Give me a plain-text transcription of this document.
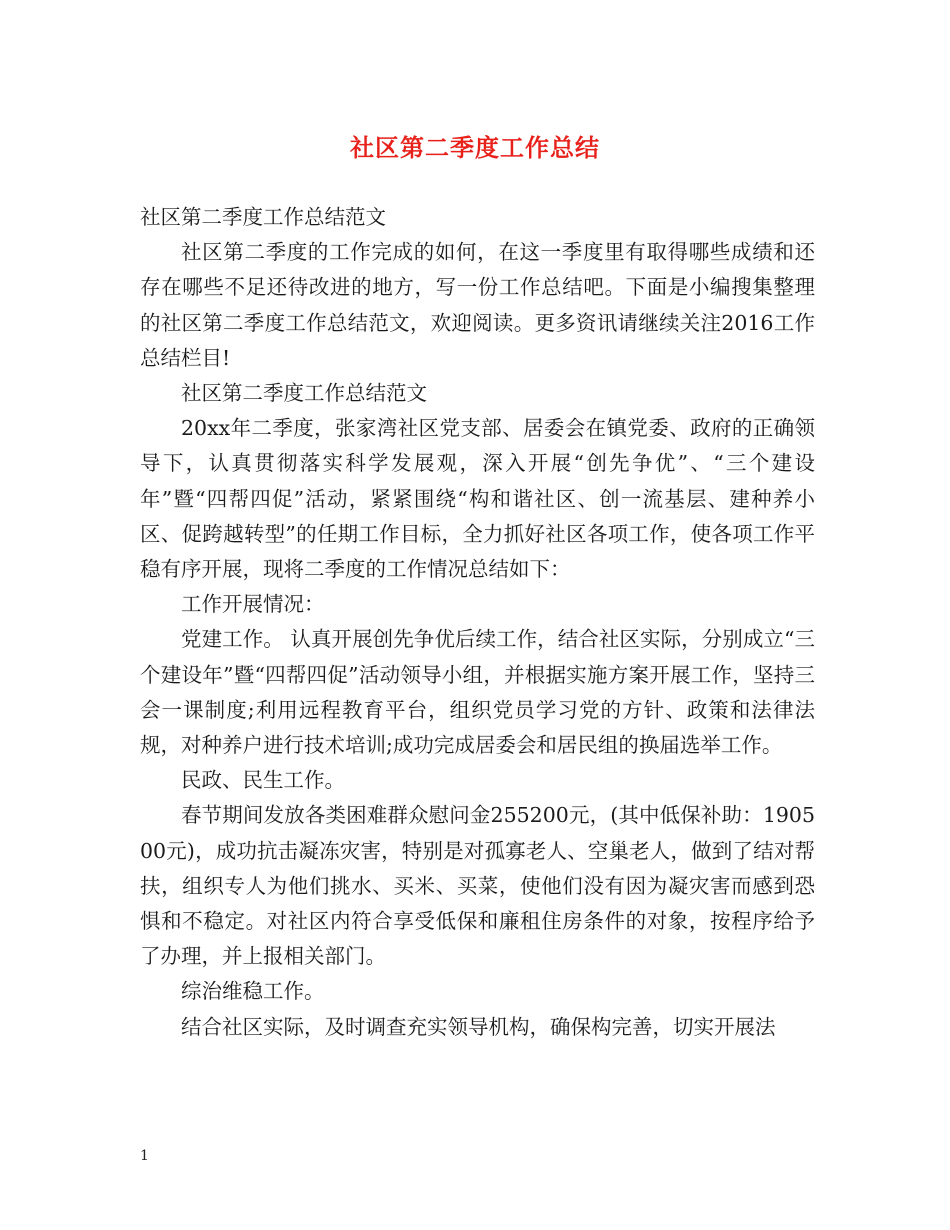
社区第二季度工作总结

社区第二季度工作总结范文

社区第二季度的工作完成的如何，在这一季度里有取得哪些成绩和还存在哪些不足还待改进的地方，写一份工作总结吧。下面是小编搜集整理的社区第二季度工作总结范文，欢迎阅读。更多资讯请继续关注2016工作总结栏目!

社区第二季度工作总结范文

20xx年二季度，张家湾社区党支部、居委会在镇党委、政府的正确领导下，认真贯彻落实科学发展观，深入开展“创先争优”、“三个建设年”暨“四帮四促”活动，紧紧围绕“构和谐社区、创一流基层、建种养小区、促跨越转型”的任期工作目标，全力抓好社区各项工作，使各项工作平稳有序开展，现将二季度的工作情况总结如下：

工作开展情况：

党建工作。 认真开展创先争优后续工作，结合社区实际，分别成立“三个建设年”暨“四帮四促”活动领导小组，并根据实施方案开展工作，坚持三会一课制度;利用远程教育平台，组织党员学习党的方针、政策和法律法规，对种养户进行技术培训;成功完成居委会和居民组的换届选举工作。

民政、民生工作。

春节期间发放各类困难群众慰问金255200元，(其中低保补助：190500元)，成功抗击凝冻灾害，特别是对孤寡老人、空巢老人，做到了结对帮扶，组织专人为他们挑水、买米、买菜，使他们没有因为凝灾害而感到恐惧和不稳定。对社区内符合享受低保和廉租住房条件的对象，按程序给予了办理，并上报相关部门。

综治维稳工作。

结合社区实际，及时调查充实领导机构，确保构完善，切实开展法

1
